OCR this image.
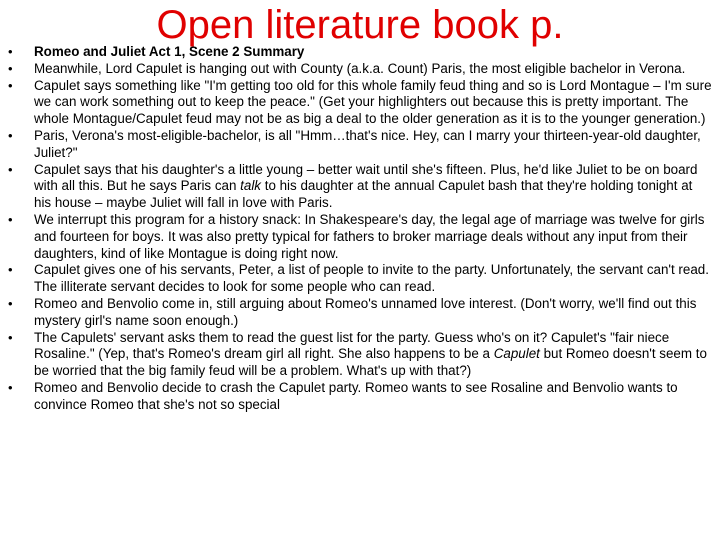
Open literature book p.
•	Romeo and Juliet Act 1, Scene 2 Summary
•	Meanwhile, Lord Capulet is hanging out with County (a.k.a. Count) Paris, the most eligible bachelor in Verona.
•	Capulet says something like "I'm getting too old for this whole family feud thing and so is Lord Montague – I'm sure we can work something out to keep the peace." (Get your highlighters out because this is pretty important. The whole Montague/Capulet feud may not be as big a deal to the older generation as it is to the younger generation.)
•	Paris, Verona's most-eligible-bachelor, is all "Hmm…that's nice. Hey, can I marry your thirteen-year-old daughter, Juliet?"
•	Capulet says that his daughter's a little young – better wait until she's fifteen. Plus, he'd like Juliet to be on board with all this. But he says Paris can talk to his daughter at the annual Capulet bash that they're holding tonight at his house – maybe Juliet will fall in love with Paris.
•	We interrupt this program for a history snack: In Shakespeare's day, the legal age of marriage was twelve for girls and fourteen for boys. It was also pretty typical for fathers to broker marriage deals without any input from their daughters, kind of like Montague is doing right now.
•	Capulet gives one of his servants, Peter, a list of people to invite to the party. Unfortunately, the servant can't read. The illiterate servant decides to look for some people who can read.
•	Romeo and Benvolio come in, still arguing about Romeo's unnamed love interest. (Don't worry, we'll find out this mystery girl's name soon enough.)
•	The Capulets' servant asks them to read the guest list for the party. Guess who's on it? Capulet's "fair niece Rosaline." (Yep, that's Romeo's dream girl all right. She also happens to be a Capulet but Romeo doesn't seem to be worried that the big family feud will be a problem. What's up with that?)
•	Romeo and Benvolio decide to crash the Capulet party. Romeo wants to see Rosaline and Benvolio wants to convince Romeo that she's not so special
